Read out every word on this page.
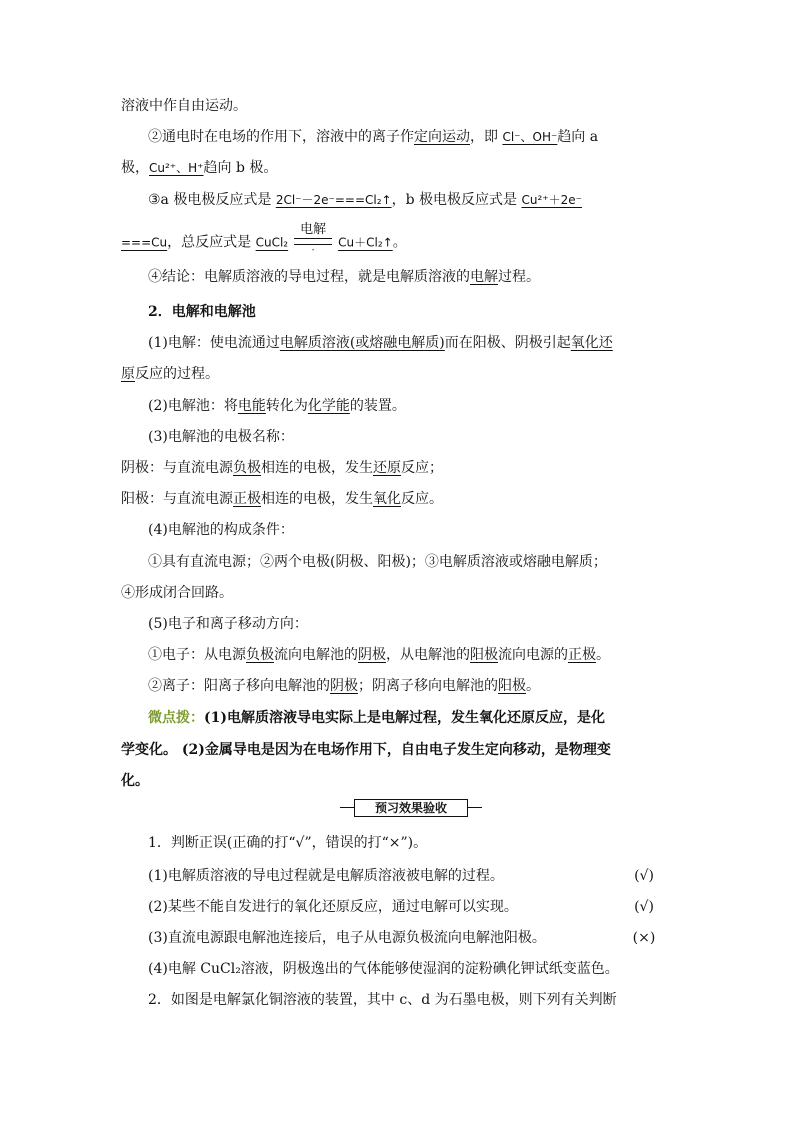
溶液中作自由运动。
②通电时在电场的作用下，溶液中的离子作定向运动，即 Cl⁻、OH⁻趋向 a
极，Cu²⁺、H⁺趋向 b 极。
③a 极电极反应式是 2Cl⁻－2e⁻===Cl₂↑，b 极电极反应式是 Cu²⁺＋2e⁻
===Cu，总反应式是 CuCl₂
电解
-	Cu＋Cl₂↑。
④结论：电解质溶液的导电过程，就是电解质溶液的电解过程。
2．电解和电解池
(1)电解：使电流通过电解质溶液(或熔融电解质)而在阳极、阴极引起氧化还
原反应的过程。
(2)电解池：将电能转化为化学能的装置。
(3)电解池的电极名称：
阴极：与直流电源负极相连的电极，发生还原反应；
阳极：与直流电源正极相连的电极，发生氧化反应。
(4)电解池的构成条件：
①具有直流电源；②两个电极(阴极、阳极)；③电解质溶液或熔融电解质；
④形成闭合回路。
(5)电子和离子移动方向：
①电子：从电源负极流向电解池的阴极，从电解池的阳极流向电源的正极。
②离子：阳离子移向电解池的阴极；阴离子移向电解池的阳极。
微点拨：(1)电解质溶液导电实际上是电解过程，发生氧化还原反应，是化
学变化。 (2)金属导电是因为在电场作用下，自由电子发生定向移动，是物理变
化。
预习效果验收
1．判断正误(正确的打“√”，错误的打“×”)。
(1)电解质溶液的导电过程就是电解质溶液被电解的过程。	(√)
(2)某些不能自发进行的氧化还原反应，通过电解可以实现。	(√)
(3)直流电源跟电解池连接后，电子从电源负极流向电解池阳极。	(×)
(4)电解 CuCl₂溶液，阴极逸出的气体能够使湿润的淀粉碘化钾试纸变蓝色。
2．如图是电解氯化铜溶液的装置，其中 c、d 为石墨电极，则下列有关判断
